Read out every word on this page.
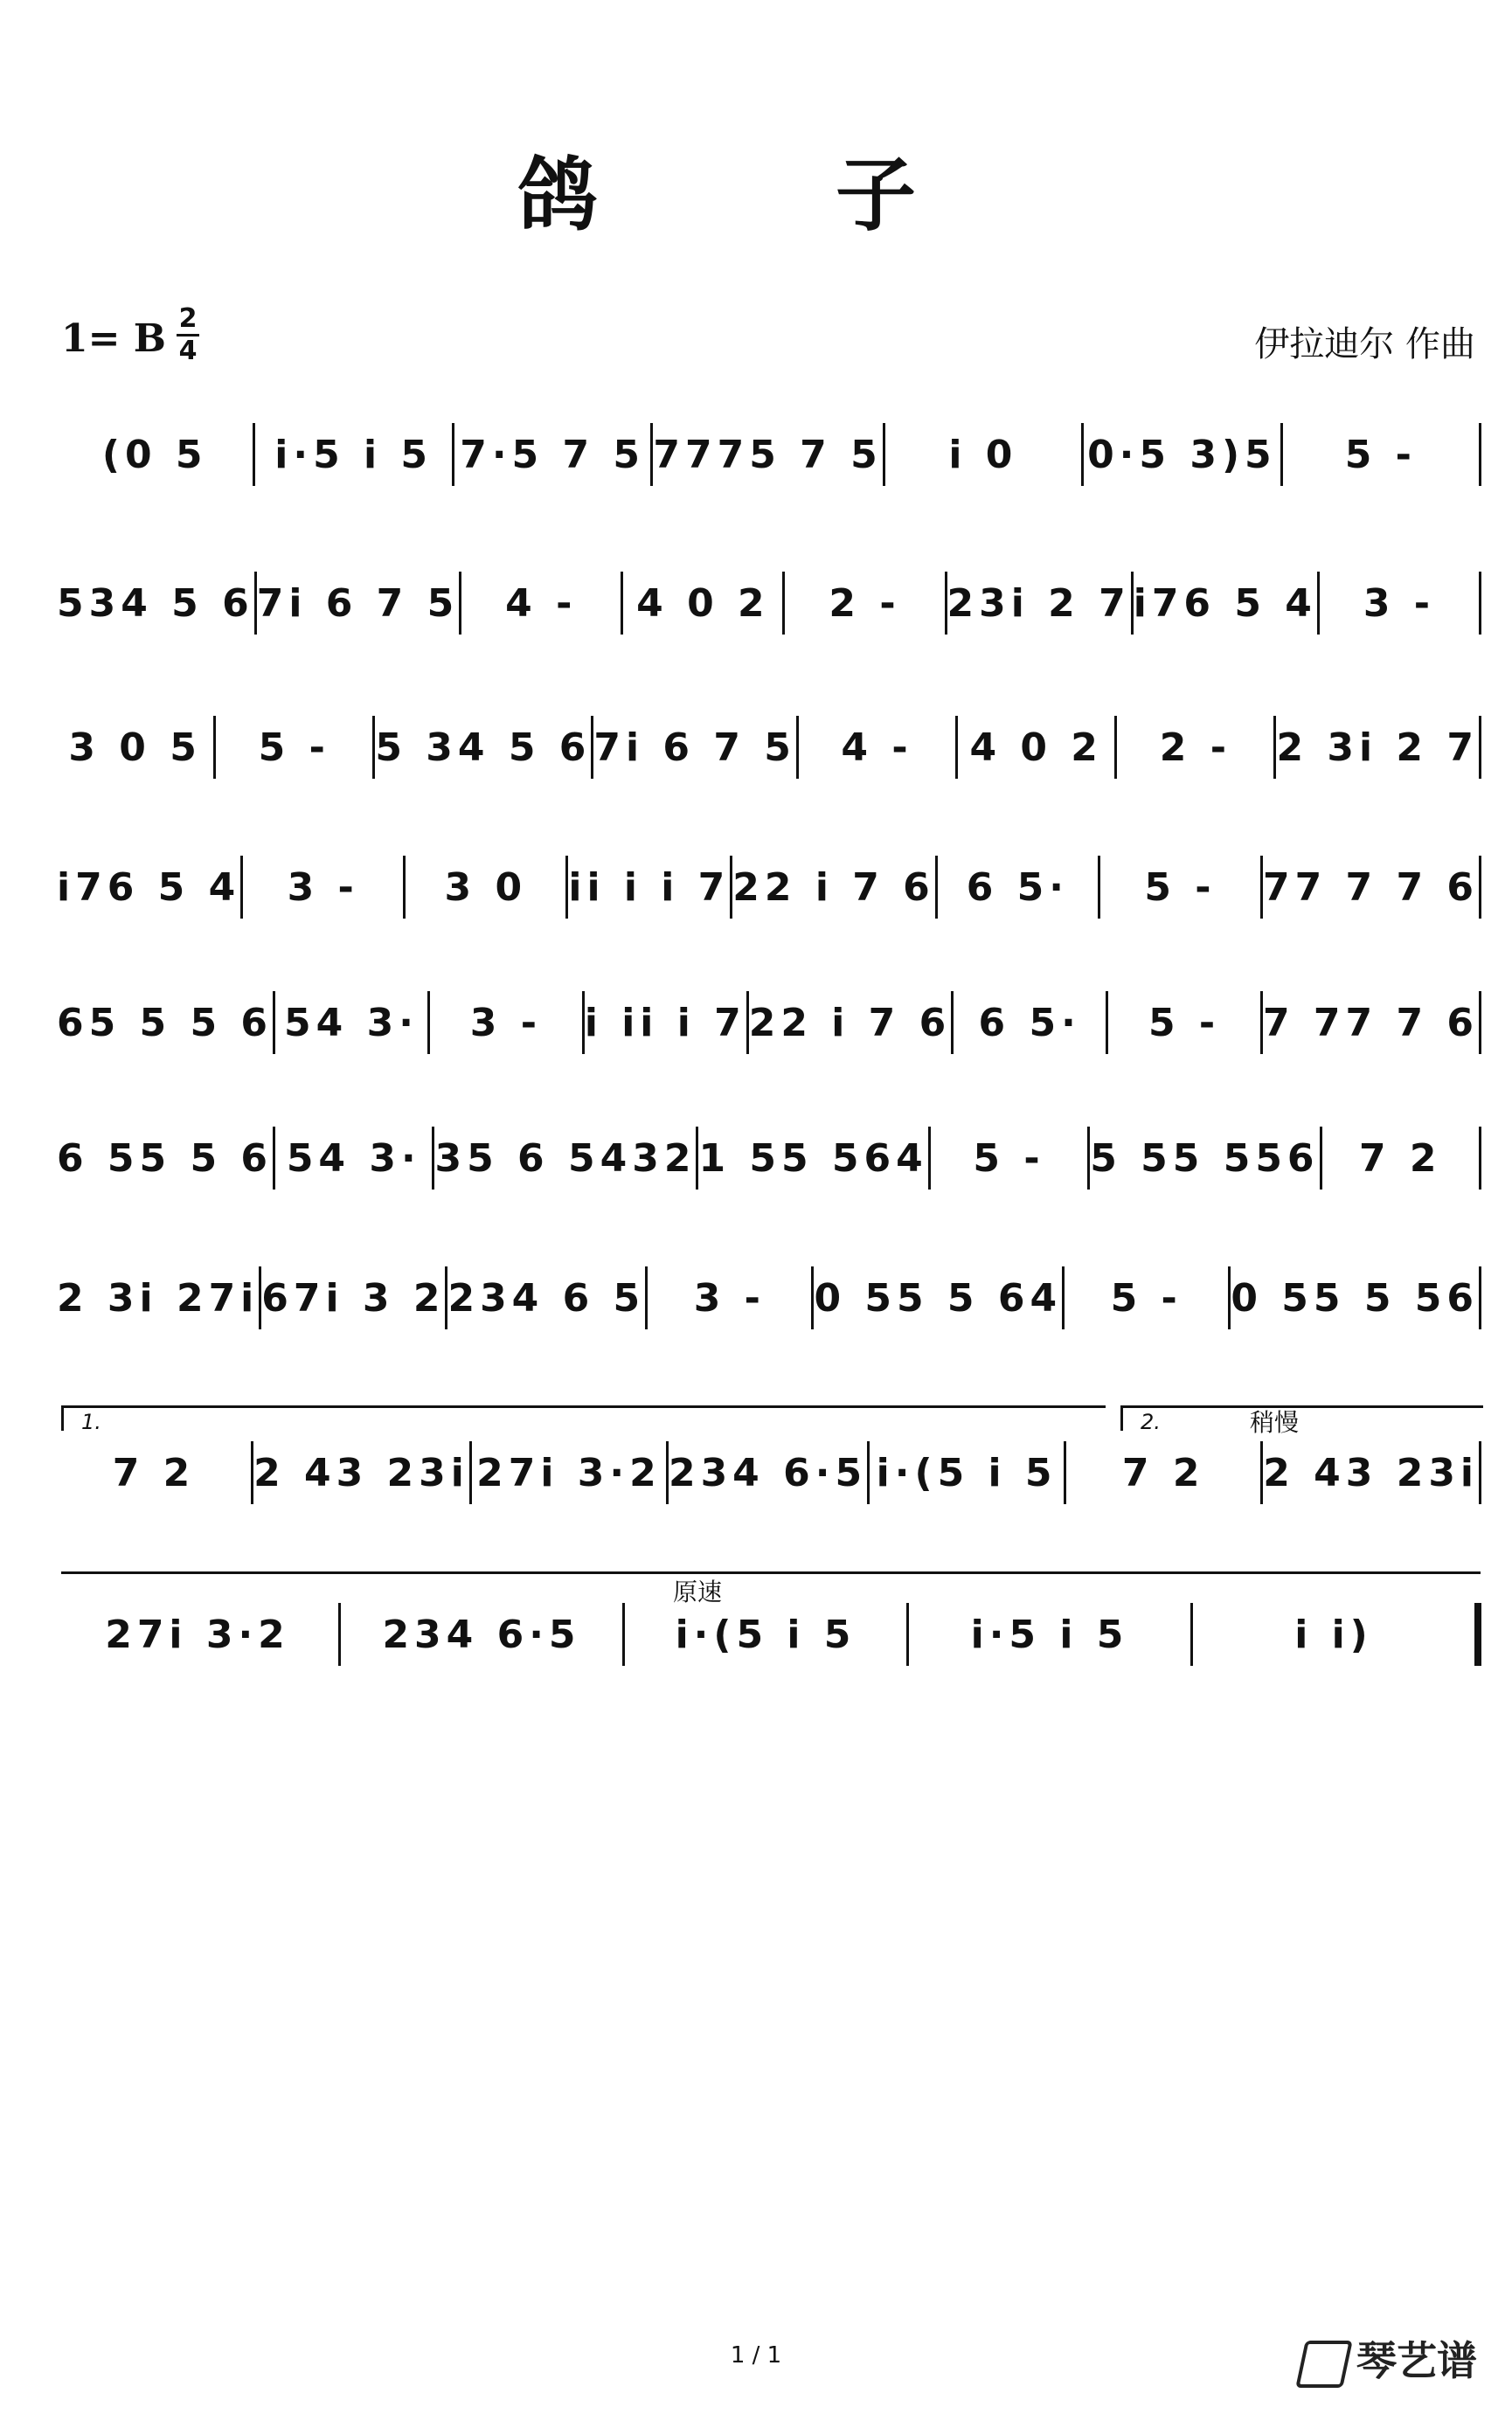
鸽　子
1= B 2
4	伊拉迪尔 作曲
(0 5	i·5 i 5 7·5 7 5 7775 7 5	i 0	0·5 3)5	5 -
534 5 6 7i 6 7 5	4 -	4 0 2	2 -	23i 2 7 i76 5 4	3 -
3 0 5	5 -	5 34 5 6 7i 6 7 5	4 -	4 0 2	2 -	2 3i 2 7
i76 5 4	3 -	3 0	ii i i 7 22 i 7 6 6 5·	5 -	77 7 7 6
65 5 5 6 54 3·	3 -	i ii i 7 22 i 7 6 6 5·	5 -	7 77 7 6
6 55 5 6 54 3· 35 6 5432 1 55 564	5 -	5 55 556	7 2
2 3i 27i 67i 3 2 234 6 5	3 -	0 55 5 64	5 -	0 55 5 56
7 2	2 43 23i 27i 3·2 234 6·5 i·(5 i 5	7 2	2 43 23i
27i 3·2	234 6·5	i·(5 i 5	i·5 i 5	i i)
1.	2.	稍慢
原速
1 / 1	琴艺谱
